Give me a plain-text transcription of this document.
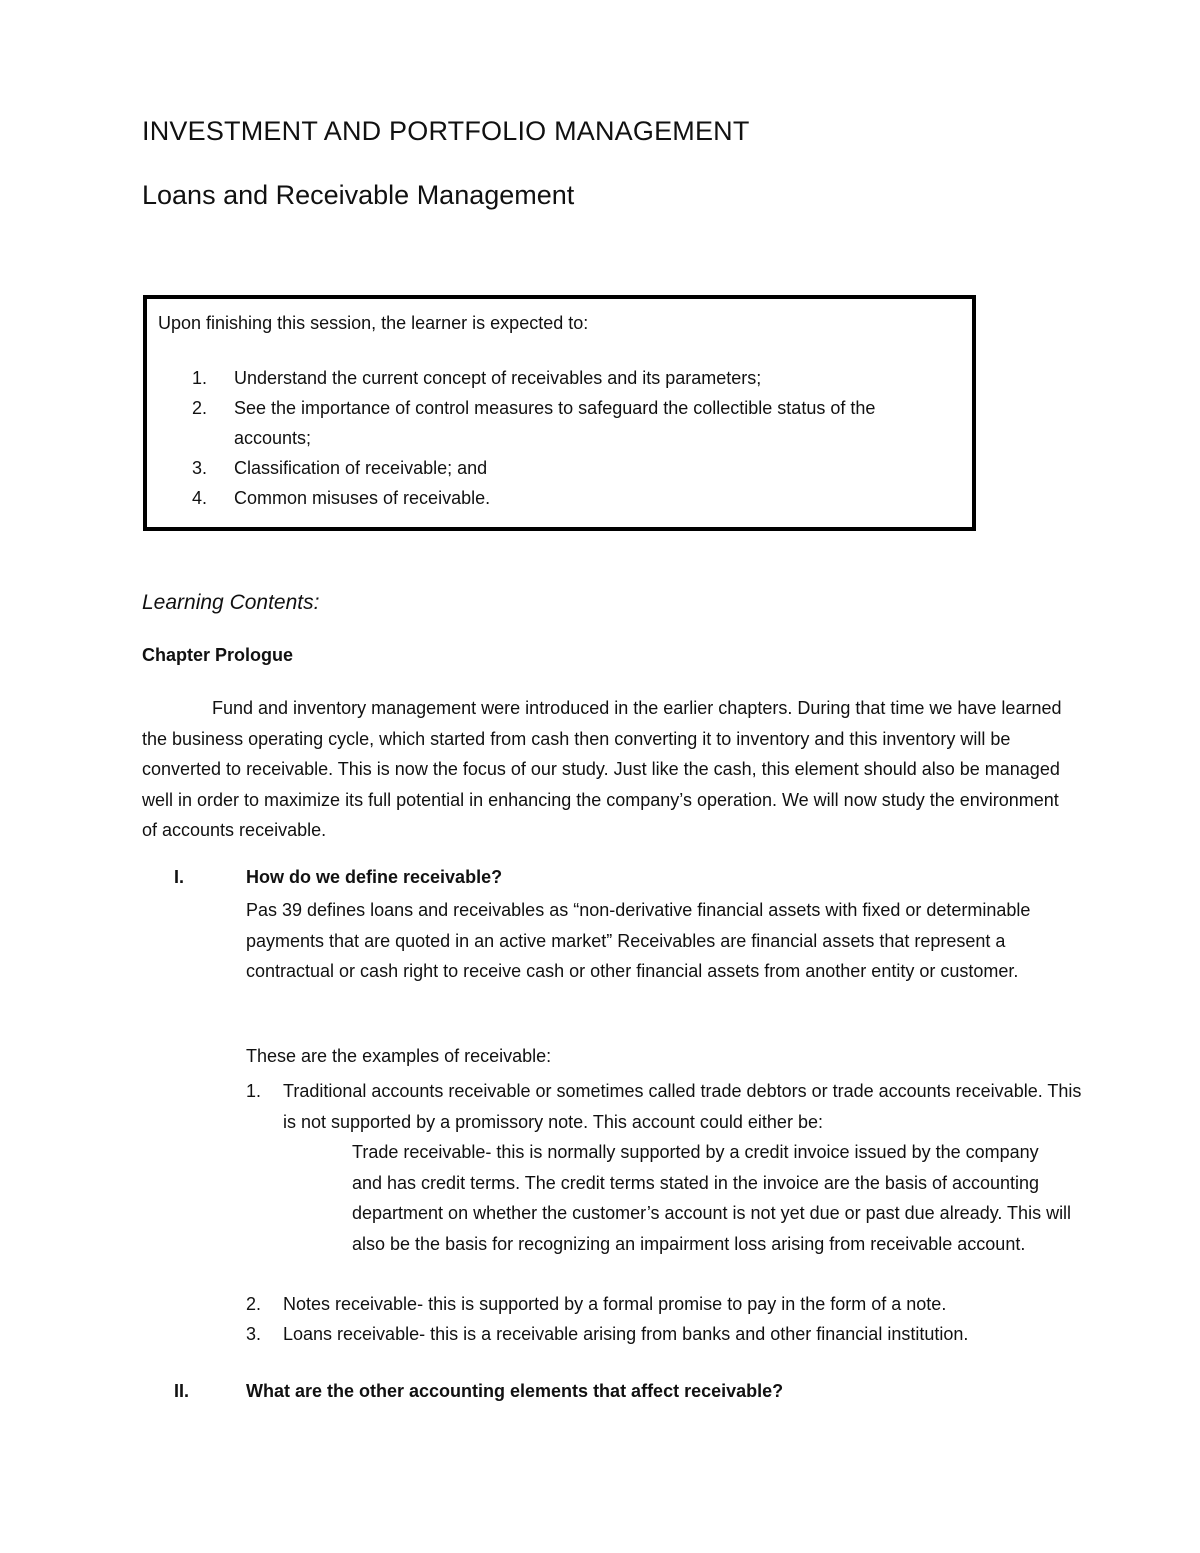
INVESTMENT AND PORTFOLIO MANAGEMENT
Loans and Receivable Management
Upon finishing this session, the learner is expected to:
1. Understand the current concept of receivables and its parameters;
2. See the importance of control measures to safeguard the collectible status of the accounts;
3. Classification of receivable; and
4. Common misuses of receivable.
Learning Contents:
Chapter Prologue

Fund and inventory management were introduced in the earlier chapters. During that time we have learned the business operating cycle, which started from cash then converting it to inventory and this inventory will be converted to receivable. This is now the focus of our study. Just like the cash, this element should also be managed well in order to maximize its full potential in enhancing the company’s operation. We will now study the environment of accounts receivable.

I.	How do we define receivable?

Pas 39 defines loans and receivables as “non-derivative financial assets with fixed or determinable payments that are quoted in an active market” Receivables are financial assets that represent a contractual or cash right to receive cash or other financial assets from another entity or customer.

These are the examples of receivable:
1.	Traditional accounts receivable or sometimes called trade debtors or trade accounts receivable. This is not supported by a promissory note. This account could either be:
Trade receivable- this is normally supported by a credit invoice issued by the company and has credit terms. The credit terms stated in the invoice are the basis of accounting department on whether the customer’s account is not yet due or past due already. This will also be the basis for recognizing an impairment loss arising from receivable account.
2.	Notes receivable- this is supported by a formal promise to pay in the form of a note.
3.	Loans receivable- this is a receivable arising from banks and other financial institution.
II.	What are the other accounting elements that affect receivable?
